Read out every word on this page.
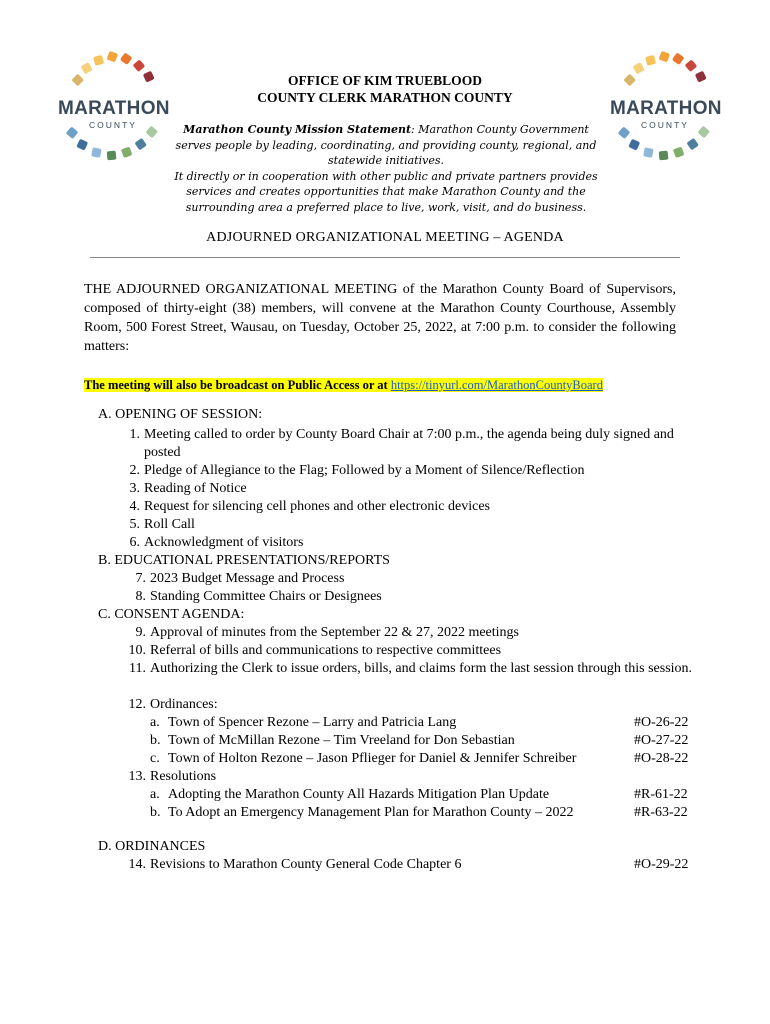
MARATHON
COUNTY
MARATHON
COUNTY
OFFICE OF KIM TRUEBLOOD
COUNTY CLERK MARATHON COUNTY
Marathon County Mission Statement: Marathon County Government serves people by leading, coordinating, and providing county, regional, and statewide initiatives.
It directly or in cooperation with other public and private partners provides services and creates opportunities that make Marathon County and the surrounding area a preferred place to live, work, visit, and do business.
ADJOURNED ORGANIZATIONAL MEETING – AGENDA
THE ADJOURNED ORGANIZATIONAL MEETING of the Marathon County Board of Supervisors, composed of thirty-eight (38) members, will convene at the Marathon County Courthouse, Assembly Room, 500 Forest Street, Wausau, on Tuesday, October 25, 2022, at 7:00 p.m. to consider the following matters:
The meeting will also be broadcast on Public Access or at https://tinyurl.com/MarathonCountyBoard
A. OPENING OF SESSION:
1. Meeting called to order by County Board Chair at 7:00 p.m., the agenda being duly signed and posted
2. Pledge of Allegiance to the Flag; Followed by a Moment of Silence/Reflection
3. Reading of Notice
4. Request for silencing cell phones and other electronic devices
5. Roll Call
6. Acknowledgment of visitors
B. EDUCATIONAL PRESENTATIONS/REPORTS
7. 2023 Budget Message and Process
8. Standing Committee Chairs or Designees
C. CONSENT AGENDA:
9. Approval of minutes from the September 22 & 27, 2022 meetings
10. Referral of bills and communications to respective committees
11. Authorizing the Clerk to issue orders, bills, and claims form the last session through this session.
12. Ordinances:
a. Town of Spencer Rezone – Larry and Patricia Lang	#O-26-22
b. Town of McMillan Rezone – Tim Vreeland for Don Sebastian	#O-27-22
c. Town of Holton Rezone – Jason Pflieger for Daniel & Jennifer Schreiber	#O-28-22
13. Resolutions
a. Adopting the Marathon County All Hazards Mitigation Plan Update	#R-61-22
b. To Adopt an Emergency Management Plan for Marathon County – 2022	#R-63-22
D. ORDINANCES
14. Revisions to Marathon County General Code Chapter 6	#O-29-22
